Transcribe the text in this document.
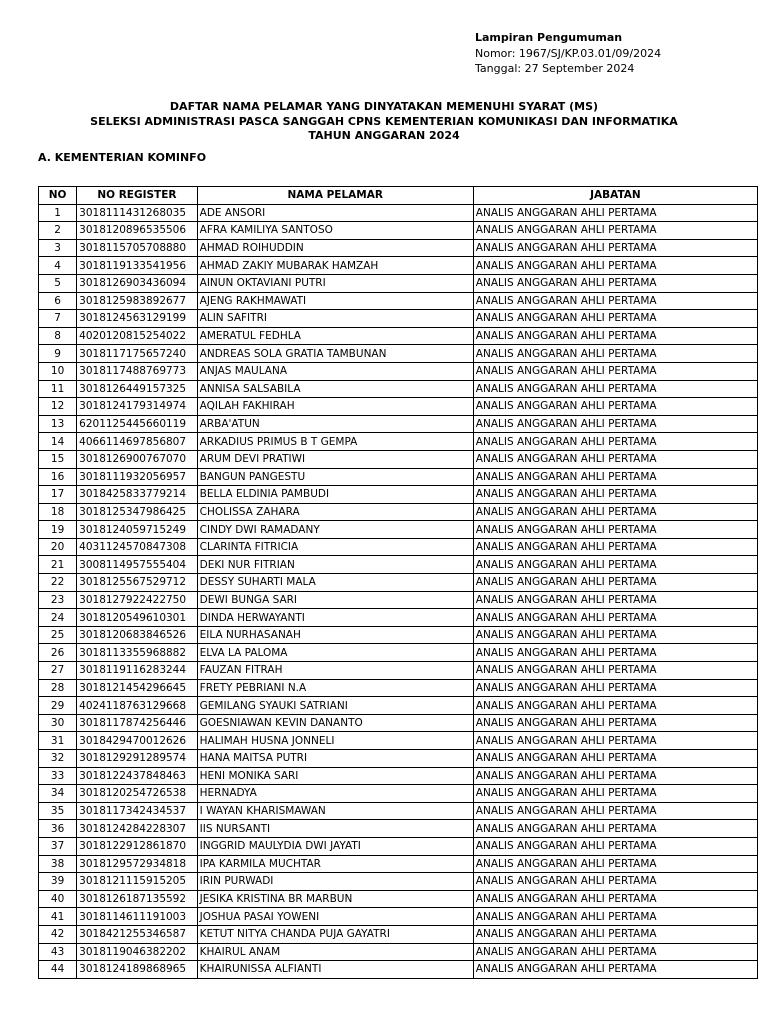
Lampiran Pengumuman
Nomor: 1967/SJ/KP.03.01/09/2024
Tanggal: 27 September 2024
DAFTAR NAMA PELAMAR YANG DINYATAKAN MEMENUHI SYARAT (MS)
SELEKSI ADMINISTRASI PASCA SANGGAH CPNS KEMENTERIAN KOMUNIKASI DAN INFORMATIKA
TAHUN ANGGARAN 2024
A. KEMENTERIAN KOMINFO
NO	NO REGISTER	NAMA PELAMAR	JABATAN
1	3018111431268035	ADE ANSORI	ANALIS ANGGARAN AHLI PERTAMA
2	3018120896535506	AFRA KAMILIYA SANTOSO	ANALIS ANGGARAN AHLI PERTAMA
3	3018115705708880	AHMAD ROIHUDDIN	ANALIS ANGGARAN AHLI PERTAMA
4	3018119133541956	AHMAD ZAKIY MUBARAK HAMZAH	ANALIS ANGGARAN AHLI PERTAMA
5	3018126903436094	AINUN OKTAVIANI PUTRI	ANALIS ANGGARAN AHLI PERTAMA
6	3018125983892677	AJENG RAKHMAWATI	ANALIS ANGGARAN AHLI PERTAMA
7	3018124563129199	ALIN SAFITRI	ANALIS ANGGARAN AHLI PERTAMA
8	4020120815254022	AMERATUL FEDHLA	ANALIS ANGGARAN AHLI PERTAMA
9	3018117175657240	ANDREAS SOLA GRATIA TAMBUNAN	ANALIS ANGGARAN AHLI PERTAMA
10	3018117488769773	ANJAS MAULANA	ANALIS ANGGARAN AHLI PERTAMA
11	3018126449157325	ANNISA SALSABILA	ANALIS ANGGARAN AHLI PERTAMA
12	3018124179314974	AQILAH FAKHIRAH	ANALIS ANGGARAN AHLI PERTAMA
13	6201125445660119	ARBA'ATUN	ANALIS ANGGARAN AHLI PERTAMA
14	4066114697856807	ARKADIUS PRIMUS B T GEMPA	ANALIS ANGGARAN AHLI PERTAMA
15	3018126900767070	ARUM DEVI PRATIWI	ANALIS ANGGARAN AHLI PERTAMA
16	3018111932056957	BANGUN PANGESTU	ANALIS ANGGARAN AHLI PERTAMA
17	3018425833779214	BELLA ELDINIA PAMBUDI	ANALIS ANGGARAN AHLI PERTAMA
18	3018125347986425	CHOLISSA ZAHARA	ANALIS ANGGARAN AHLI PERTAMA
19	3018124059715249	CINDY DWI RAMADANY	ANALIS ANGGARAN AHLI PERTAMA
20	4031124570847308	CLARINTA FITRICIA	ANALIS ANGGARAN AHLI PERTAMA
21	3008114957555404	DEKI NUR FITRIAN	ANALIS ANGGARAN AHLI PERTAMA
22	3018125567529712	DESSY SUHARTI MALA	ANALIS ANGGARAN AHLI PERTAMA
23	3018127922422750	DEWI BUNGA SARI	ANALIS ANGGARAN AHLI PERTAMA
24	3018120549610301	DINDA HERWAYANTI	ANALIS ANGGARAN AHLI PERTAMA
25	3018120683846526	EILA NURHASANAH	ANALIS ANGGARAN AHLI PERTAMA
26	3018113355968882	ELVA LA PALOMA	ANALIS ANGGARAN AHLI PERTAMA
27	3018119116283244	FAUZAN FITRAH	ANALIS ANGGARAN AHLI PERTAMA
28	3018121454296645	FRETY PEBRIANI N.A	ANALIS ANGGARAN AHLI PERTAMA
29	4024118763129668	GEMILANG SYAUKI SATRIANI	ANALIS ANGGARAN AHLI PERTAMA
30	3018117874256446	GOESNIAWAN KEVIN DANANTO	ANALIS ANGGARAN AHLI PERTAMA
31	3018429470012626	HALIMAH HUSNA JONNELI	ANALIS ANGGARAN AHLI PERTAMA
32	3018129291289574	HANA MAITSA PUTRI	ANALIS ANGGARAN AHLI PERTAMA
33	3018122437848463	HENI MONIKA SARI	ANALIS ANGGARAN AHLI PERTAMA
34	3018120254726538	HERNADYA	ANALIS ANGGARAN AHLI PERTAMA
35	3018117342434537	I WAYAN KHARISMAWAN	ANALIS ANGGARAN AHLI PERTAMA
36	3018124284228307	IIS NURSANTI	ANALIS ANGGARAN AHLI PERTAMA
37	3018122912861870	INGGRID MAULYDIA DWI JAYATI	ANALIS ANGGARAN AHLI PERTAMA
38	3018129572934818	IPA KARMILA MUCHTAR	ANALIS ANGGARAN AHLI PERTAMA
39	3018121115915205	IRIN PURWADI	ANALIS ANGGARAN AHLI PERTAMA
40	3018126187135592	JESIKA KRISTINA BR MARBUN	ANALIS ANGGARAN AHLI PERTAMA
41	3018114611191003	JOSHUA PASAI YOWENI	ANALIS ANGGARAN AHLI PERTAMA
42	3018421255346587	KETUT NITYA CHANDA PUJA GAYATRI	ANALIS ANGGARAN AHLI PERTAMA
43	3018119046382202	KHAIRUL ANAM	ANALIS ANGGARAN AHLI PERTAMA
44	3018124189868965	KHAIRUNISSA ALFIANTI	ANALIS ANGGARAN AHLI PERTAMA
